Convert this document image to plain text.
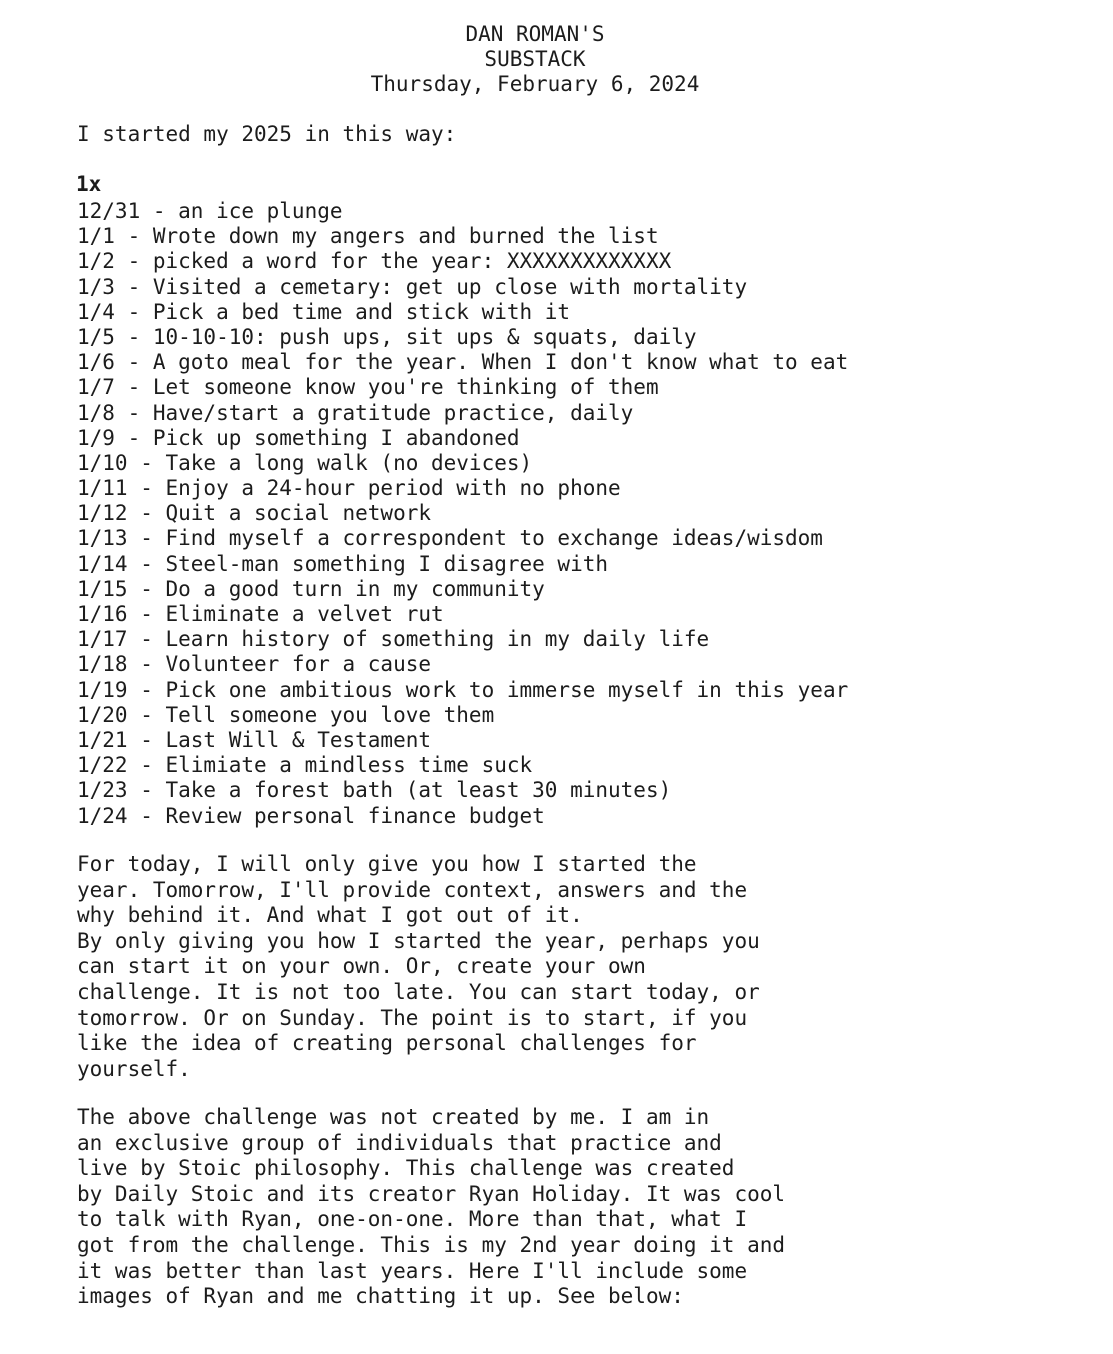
DAN ROMAN'S
SUBSTACK
Thursday, February 6, 2024
I started my 2025 in this way:
1x
12/31 - an ice plunge
1/1 - Wrote down my angers and burned the list
1/2 - picked a word for the year: XXXXXXXXXXXXX
1/3 - Visited a cemetary: get up close with mortality
1/4 - Pick a bed time and stick with it
1/5 - 10-10-10: push ups, sit ups & squats, daily
1/6 - A goto meal for the year. When I don't know what to eat
1/7 - Let someone know you're thinking of them
1/8 - Have/start a gratitude practice, daily
1/9 - Pick up something I abandoned
1/10 - Take a long walk (no devices)
1/11 - Enjoy a 24-hour period with no phone
1/12 - Quit a social network
1/13 - Find myself a correspondent to exchange ideas/wisdom
1/14 - Steel-man something I disagree with
1/15 - Do a good turn in my community
1/16 - Eliminate a velvet rut
1/17 - Learn history of something in my daily life
1/18 - Volunteer for a cause
1/19 - Pick one ambitious work to immerse myself in this year
1/20 - Tell someone you love them
1/21 - Last Will & Testament
1/22 - Elimiate a mindless time suck
1/23 - Take a forest bath (at least 30 minutes)
1/24 - Review personal finance budget
For today, I will only give you how I started the
year. Tomorrow, I'll provide context, answers and the
why behind it. And what I got out of it.
By only giving you how I started the year, perhaps you
can start it on your own. Or, create your own
challenge. It is not too late. You can start today, or
tomorrow. Or on Sunday. The point is to start, if you
like the idea of creating personal challenges for
yourself.
The above challenge was not created by me. I am in
an exclusive group of individuals that practice and
live by Stoic philosophy. This challenge was created
by Daily Stoic and its creator Ryan Holiday. It was cool
to talk with Ryan, one-on-one. More than that, what I
got from the challenge. This is my 2nd year doing it and
it was better than last years. Here I'll include some
images of Ryan and me chatting it up. See below:
